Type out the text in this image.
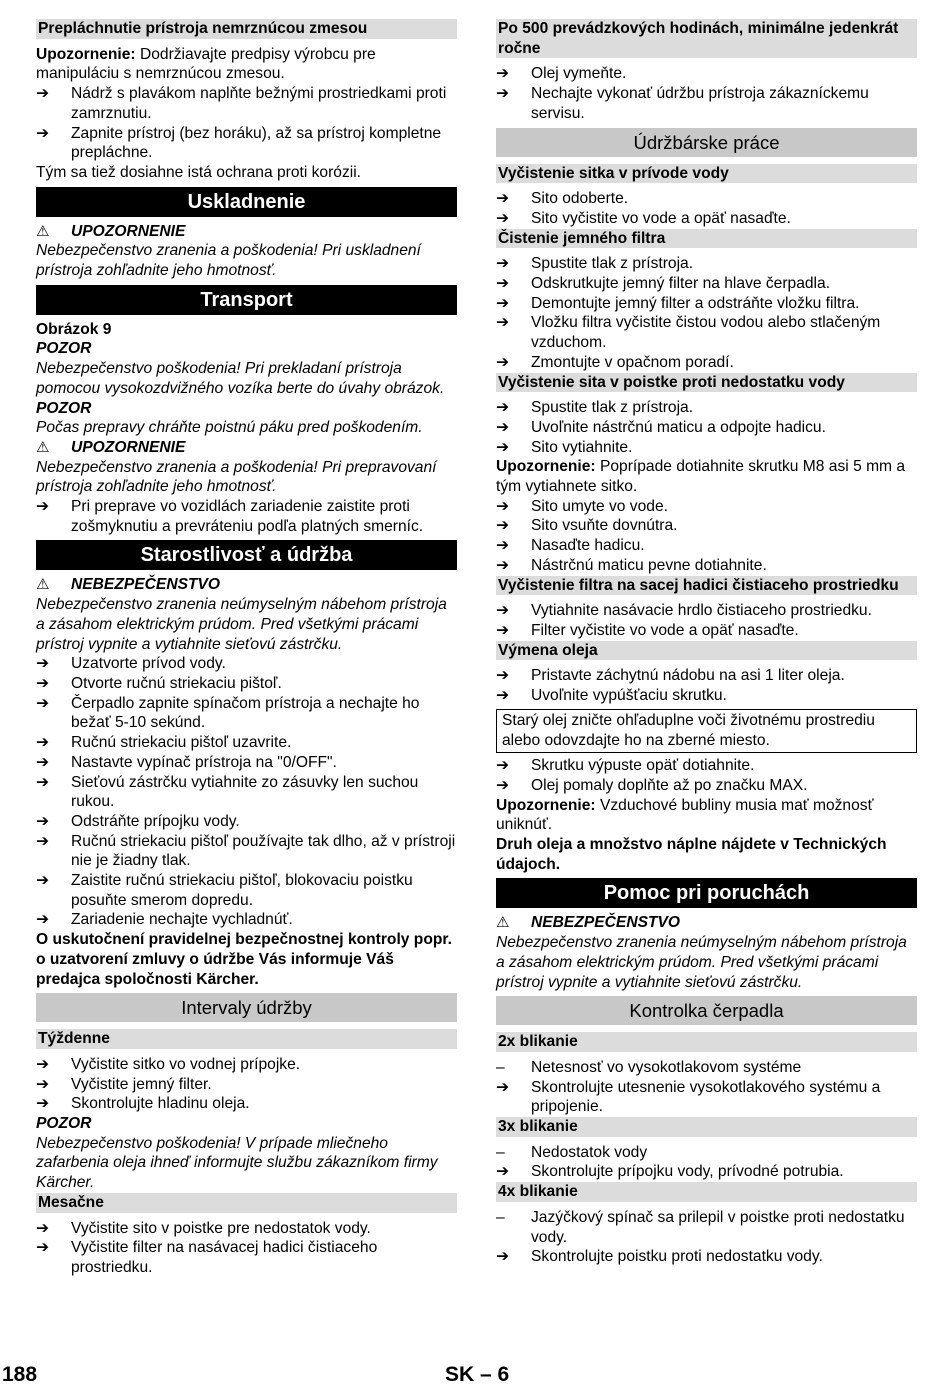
Prepláchnutie prístroja nemrznúcou zmesou

Upozornenie: Dodržiavajte predpisy výrobcu pre manipuláciu s nemrznúcou zmesou.

➔	Nádrž s plavákom naplňte bežnými prostriedkami proti zamrznutiu.

➔	Zapnite prístroj (bez horáku), až sa prístroj kompletne prepláchne.

Tým sa tiež dosiahne istá ochrana proti korózii.

Uskladnenie

⚠ UPOZORNENIE

Nebezpečenstvo zranenia a poškodenia! Pri uskladnení prístroja zohľadnite jeho hmotnosť.

Transport

Obrázok 9

POZOR

Nebezpečenstvo poškodenia! Pri prekladaní prístroja pomocou vysokozdvižného vozíka berte do úvahy obrázok.

POZOR

Počas prepravy chráňte poistnú páku pred poškodením.

⚠ UPOZORNENIE

Nebezpečenstvo zranenia a poškodenia! Pri prepravovaní prístroja zohľadnite jeho hmotnosť.

➔	Pri preprave vo vozidlách zariadenie zaistite proti zošmyknutiu a prevráteniu podľa platných smerníc.

Starostlivosť a údržba

⚠ NEBEZPEČENSTVO

Nebezpečenstvo zranenia neúmyselným nábehom prístroja a zásahom elektrickým prúdom. Pred všetkými prácami prístroj vypnite a vytiahnite sieťovú zástrčku.

➔	Uzatvorte prívod vody.

➔	Otvorte ručnú striekaciu pištoľ.

➔	Čerpadlo zapnite spínačom prístroja a nechajte ho bežať 5-10 sekúnd.

➔	Ručnú striekaciu pištoľ uzavrite.

➔	Nastavte vypínač prístroja na "0/OFF".

➔	Sieťovú zástrčku vytiahnite zo zásuvky len suchou rukou.

➔	Odstráňte prípojku vody.

➔	Ručnú striekaciu pištoľ používajte tak dlho, až v prístroji nie je žiadny tlak.

➔	Zaistite ručnú striekaciu pištoľ, blokovaciu poistku posuňte smerom dopredu.

➔	Zariadenie nechajte vychladnúť.

O uskutočnení pravidelnej bezpečnostnej kontroly popr. o uzatvorení zmluvy o údržbe Vás informuje Váš predajca spoločnosti Kärcher.

Intervaly údržby
Týždenne

➔	Vyčistite sitko vo vodnej prípojke.

➔	Vyčistite jemný filter.

➔	Skontrolujte hladinu oleja.

POZOR

Nebezpečenstvo poškodenia! V prípade mliečneho zafarbenia oleja ihneď informujte službu zákazníkom firmy Kärcher.

Mesačne

➔	Vyčistite sito v poistke pre nedostatok vody.

➔	Vyčistite filter na nasávacej hadici čistiaceho prostriedku.

Po 500 prevádzkových hodinách, minimálne jedenkrát ročne

➔	Olej vymeňte.

➔	Nechajte vykonať údržbu prístroja zákazníckemu servisu.

Údržbárske práce
Vyčistenie sitka v prívode vody

➔	Sito odoberte.

➔	Sito vyčistite vo vode a opäť nasaďte.

Čistenie jemného filtra

➔	Spustite tlak z prístroja.

➔	Odskrutkujte jemný filter na hlave čerpadla.

➔	Demontujte jemný filter a odstráňte vložku filtra.

➔	Vložku filtra vyčistite čistou vodou alebo stlačeným vzduchom.

➔	Zmontujte v opačnom poradí.

Vyčistenie sita v poistke proti nedostatku vody

➔	Spustite tlak z prístroja.

➔	Uvoľnite nástrčnú maticu a odpojte hadicu.

➔	Sito vytiahnite.

Upozornenie: Poprípade dotiahnite skrutku M8 asi 5 mm a tým vytiahnete sitko.

➔	Sito umyte vo vode.

➔	Sito vsuňte dovnútra.

➔	Nasaďte hadicu.

➔	Nástrčnú maticu pevne dotiahnite.

Vyčistenie filtra na sacej hadici čistiaceho prostriedku

➔	Vytiahnite nasávacie hrdlo čistiaceho prostriedku.

➔	Filter vyčistite vo vode a opäť nasaďte.

Výmena oleja

➔	Pristavte záchytnú nádobu na asi 1 liter oleja.

➔	Uvoľnite vypúšťaciu skrutku.

Starý olej zničte ohľaduplne voči životnému prostrediu alebo odovzdajte ho na zberné miesto.

➔	Skrutku výpuste opäť dotiahnite.

➔	Olej pomaly doplňte až po značku MAX.

Upozornenie: Vzduchové bubliny musia mať možnosť uniknúť.

Druh oleja a množstvo náplne nájdete v Technických údajoch.

Pomoc pri poruchách

⚠ NEBEZPEČENSTVO

Nebezpečenstvo zranenia neúmyselným nábehom prístroja a zásahom elektrickým prúdom. Pred všetkými prácami prístroj vypnite a vytiahnite sieťovú zástrčku.

Kontrolka čerpadla
2x blikanie

–	Netesnosť vo vysokotlakovom systéme

➔	Skontrolujte utesnenie vysokotlakového systému a pripojenie.

3x blikanie

–	Nedostatok vody

➔	Skontrolujte prípojku vody, prívodné potrubia.

4x blikanie

–	Jazýčkový spínač sa prilepil v poistke proti nedostatku vody.

➔	Skontrolujte poistku proti nedostatku vody.

188	SK – 6
